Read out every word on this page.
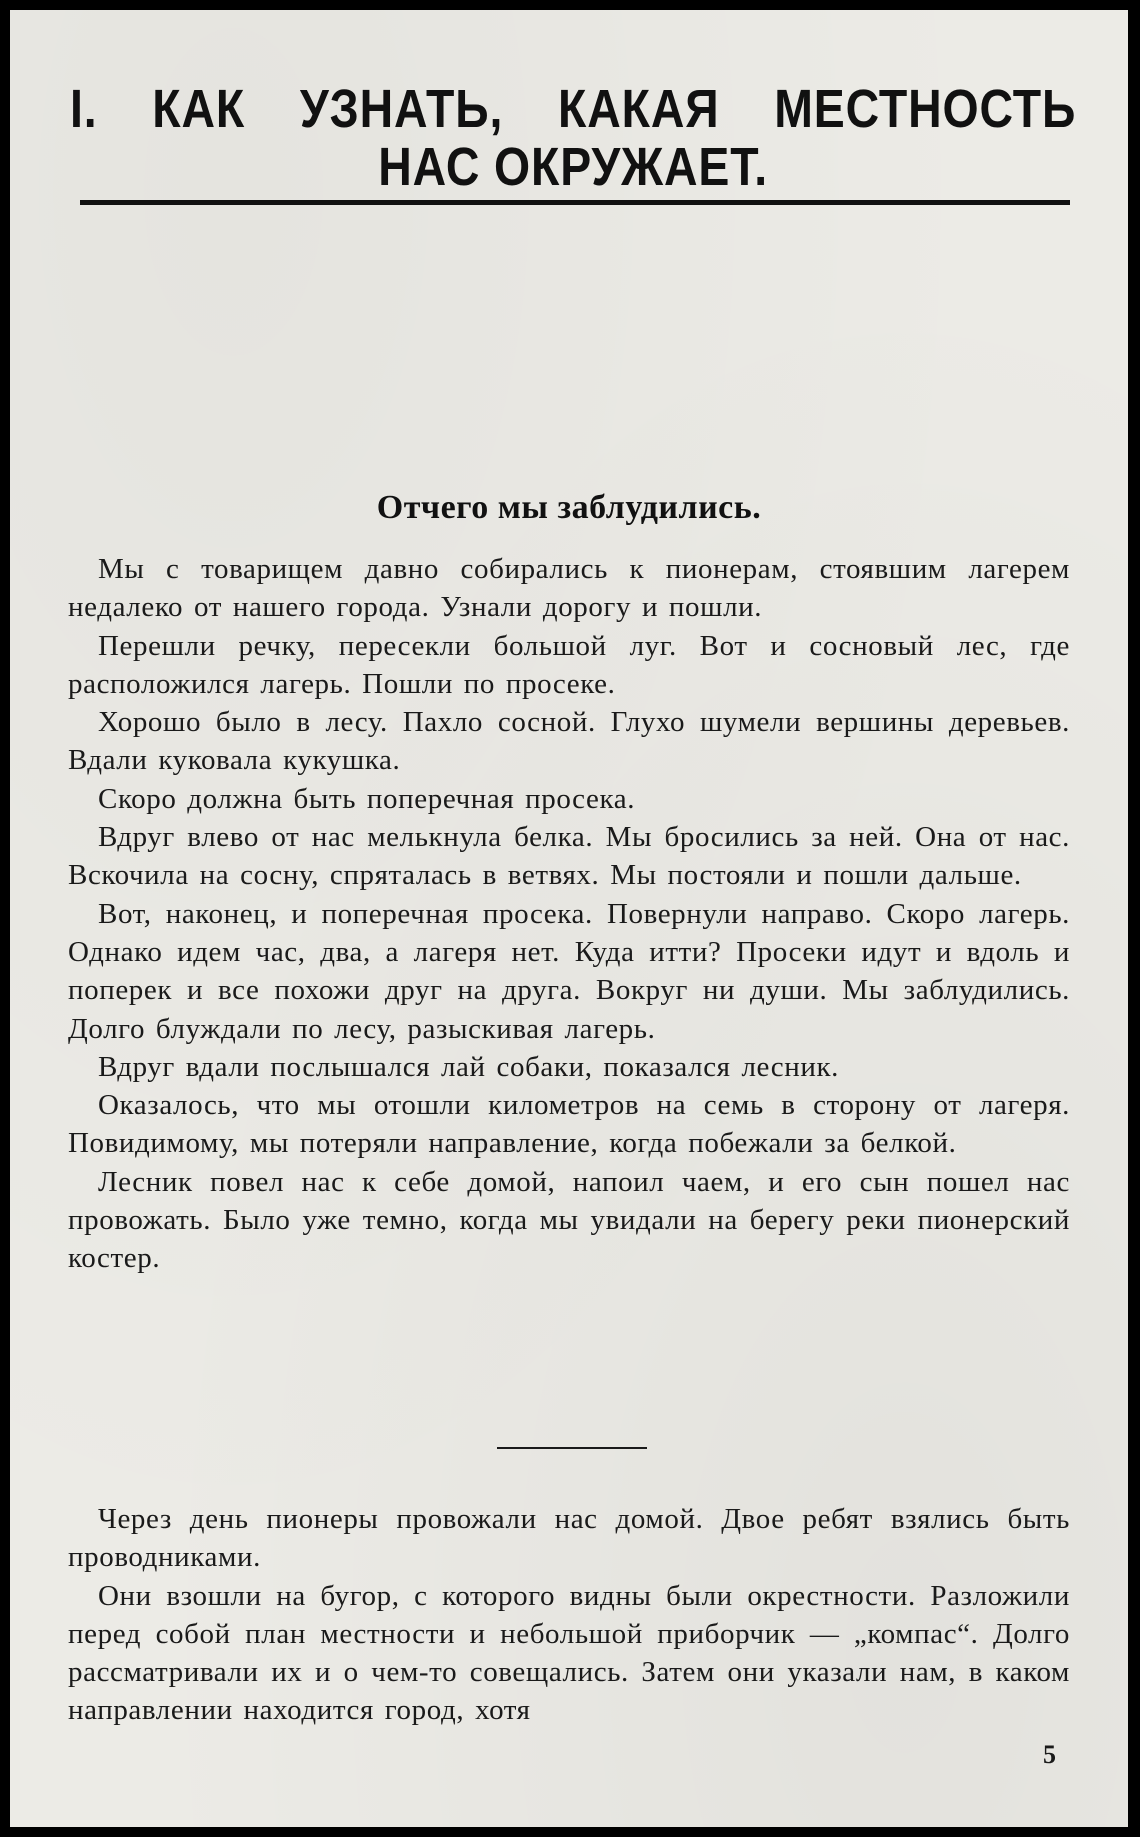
I. КАК УЗНАТЬ, КАКАЯ МЕСТНОСТЬ
НАС ОКРУЖАЕТ.
Отчего мы заблудились.

Мы с товарищем давно собирались к пионерам, стоявшим лагерем недалеко от нашего города. Узнали дорогу и пошли.

Перешли речку, пересекли большой луг. Вот и сосновый лес, где расположился лагерь. Пошли по просеке.

Хорошо было в лесу. Пахло сосной. Глухо шумели вершины деревьев. Вдали куковала кукушка.

Скоро должна быть поперечная просека.

Вдруг влево от нас мелькнула белка. Мы бросились за ней. Она от нас. Вскочила на сосну, спряталась в ветвях. Мы постояли и пошли дальше.

Вот, наконец, и поперечная просека. Повернули направо. Скоро лагерь. Однако идем час, два, а лагеря нет. Куда итти? Просеки идут и вдоль и поперек и все похожи друг на друга. Вокруг ни души. Мы заблудились. Долго блуждали по лесу, разыскивая лагерь.

Вдруг вдали послышался лай собаки, показался лесник.

Оказалось, что мы отошли километров на семь в сторону от лагеря. Повидимому, мы потеряли направление, когда побежали за белкой.

Лесник повел нас к себе домой, напоил чаем, и его сын пошел нас провожать. Было уже темно, когда мы увидали на берегу реки пионерский костер.

Через день пионеры провожали нас домой. Двое ребят взялись быть проводниками.

Они взошли на бугор, с которого видны были окрестности. Разложили перед собой план местности и небольшой приборчик — „компас“. Долго рассматривали их и о чем-то совещались. Затем они указали нам, в каком направлении находится город, хотя

5
